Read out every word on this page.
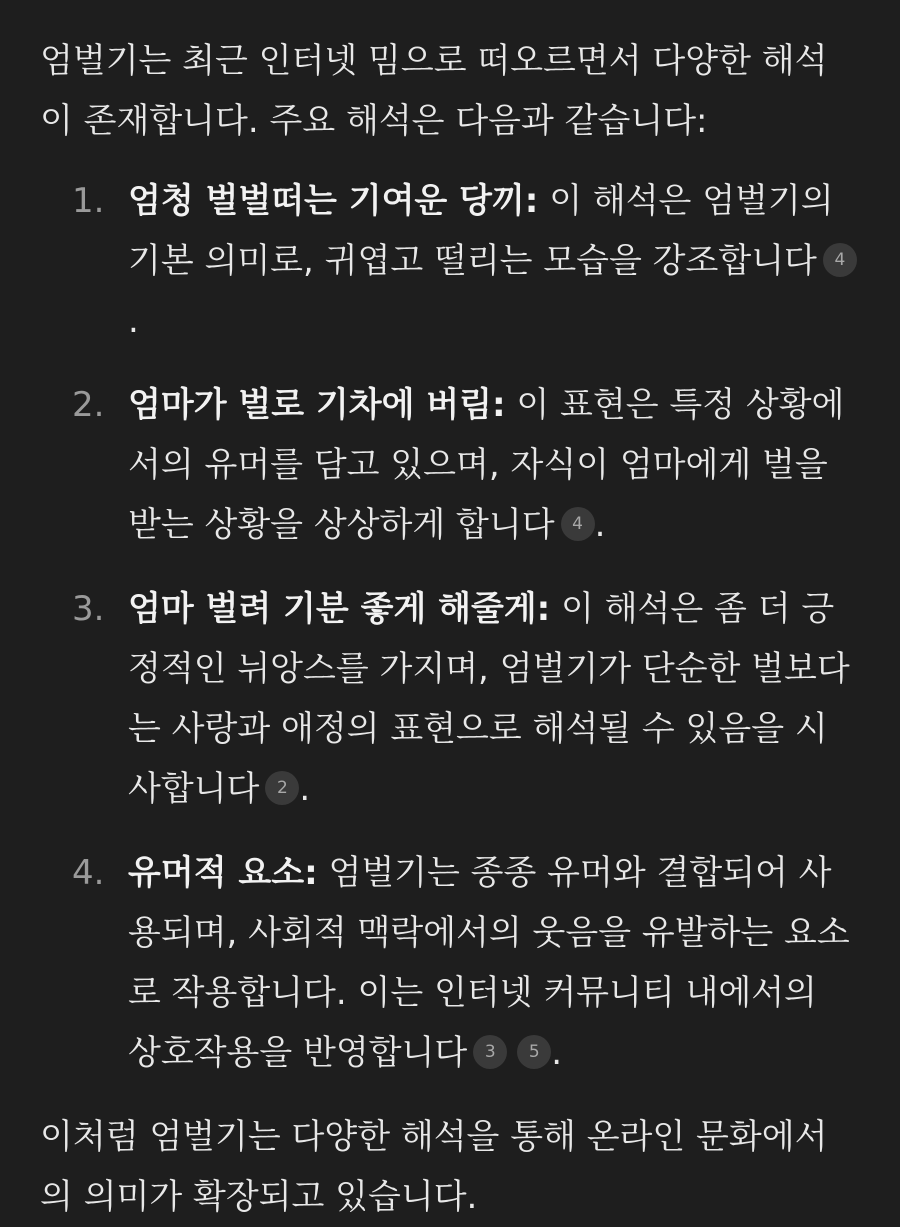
엄벌기는 최근 인터넷 밈으로 떠오르면서 다양한 해석이 존재합니다. 주요 해석은 다음과 같습니다:

1. 엄청 벌벌떠는 기여운 당끼: 이 해석은 엄벌기의 기본 의미로, 귀엽고 떨리는 모습을 강조합니다 4.
2. 엄마가 벌로 기차에 버림: 이 표현은 특정 상황에서의 유머를 담고 있으며, 자식이 엄마에게 벌을 받는 상황을 상상하게 합니다 4 .
3. 엄마 벌려 기분 좋게 해줄게: 이 해석은 좀 더 긍정적인 뉘앙스를 가지며, 엄벌기가 단순한 벌보다는 사랑과 애정의 표현으로 해석될 수 있음을 시사합니다 2 .
4. 유머적 요소: 엄벌기는 종종 유머와 결합되어 사용되며, 사회적 맥락에서의 웃음을 유발하는 요소로 작용합니다. 이는 인터넷 커뮤니티 내에서의 상호작용을 반영합니다 3 5 .

이처럼 엄벌기는 다양한 해석을 통해 온라인 문화에서의 의미가 확장되고 있습니다.
